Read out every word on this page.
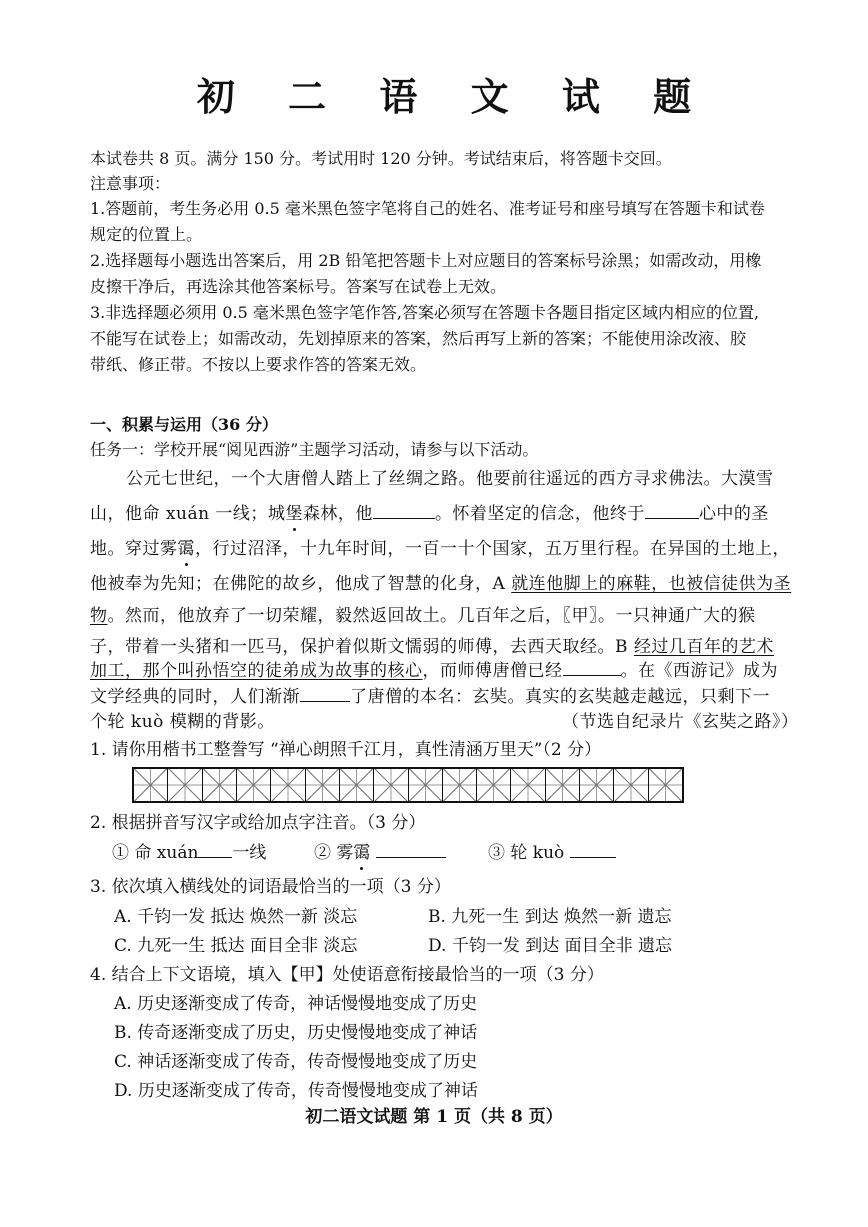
初 二 语 文 试 题
本试卷共 8 页。满分 150 分。考试用时 120 分钟。考试结束后，将答题卡交回。
注意事项：
1.答题前，考生务必用 0.5 毫米黑色签字笔将自己的姓名、准考证号和座号填写在答题卡和试卷
规定的位置上。
2.选择题每小题选出答案后，用 2B 铅笔把答题卡上对应题目的答案标号涂黑；如需改动，用橡
皮擦干净后，再选涂其他答案标号。答案写在试卷上无效。
3.非选择题必须用 0.5 毫米黑色签字笔作答,答案必须写在答题卡各题目指定区域内相应的位置,
不能写在试卷上；如需改动，先划掉原来的答案，然后再写上新的答案；不能使用涂改液、胶
带纸、修正带。不按以上要求作答的答案无效。
一、积累与运用（36 分）
任务一：学校开展“阅见西游”主题学习活动，请参与以下活动。
公元七世纪，一个大唐僧人踏上了丝绸之路。他要前往遥远的西方寻求佛法。大漠雪
山，他命 xuán 一线；城堡森林，他	。怀着坚定的信念，他终于	心中的圣
地。穿过雾霭，行过沼泽，十九年时间，一百一十个国家，五万里行程。在异国的土地上，
他被奉为先知；在佛陀的故乡，他成了智慧的化身，A 就连他脚上的麻鞋，也被信徒供为圣
物。然而，他放弃了一切荣耀，毅然返回故土。几百年之后，〖甲〗。一只神通广大的猴
子，带着一头猪和一匹马，保护着似斯文懦弱的师傅，去西天取经。B 经过几百年的艺术
加工，那个叫孙悟空的徒弟成为故事的核心，而师傅唐僧已经	。在《西游记》成为
文学经典的同时，人们渐渐	了唐僧的本名：玄奘。真实的玄奘越走越远，只剩下一
个轮 kuò 模糊的背影。	（节选自纪录片《玄奘之路》）
1. 请你用楷书工整誊写 “禅心朗照千江月，真性清涵万里天”（2 分）
2. 根据拼音写汉字或给加点字注音。（3 分）
① 命 xuán 一线	② 雾霭	③ 轮 kuò
3. 依次填入横线处的词语最恰当的一项（3 分）
A. 千钧一发 抵达 焕然一新 淡忘	B. 九死一生 到达 焕然一新 遗忘
C. 九死一生 抵达 面目全非 淡忘	D. 千钧一发 到达 面目全非 遗忘
4. 结合上下文语境，填入【甲】处使语意衔接最恰当的一项（3 分）
A. 历史逐渐变成了传奇，神话慢慢地变成了历史
B. 传奇逐渐变成了历史，历史慢慢地变成了神话
C. 神话逐渐变成了传奇，传奇慢慢地变成了历史
D. 历史逐渐变成了传奇，传奇慢慢地变成了神话
初二语文试题 第 1 页（共 8 页）
